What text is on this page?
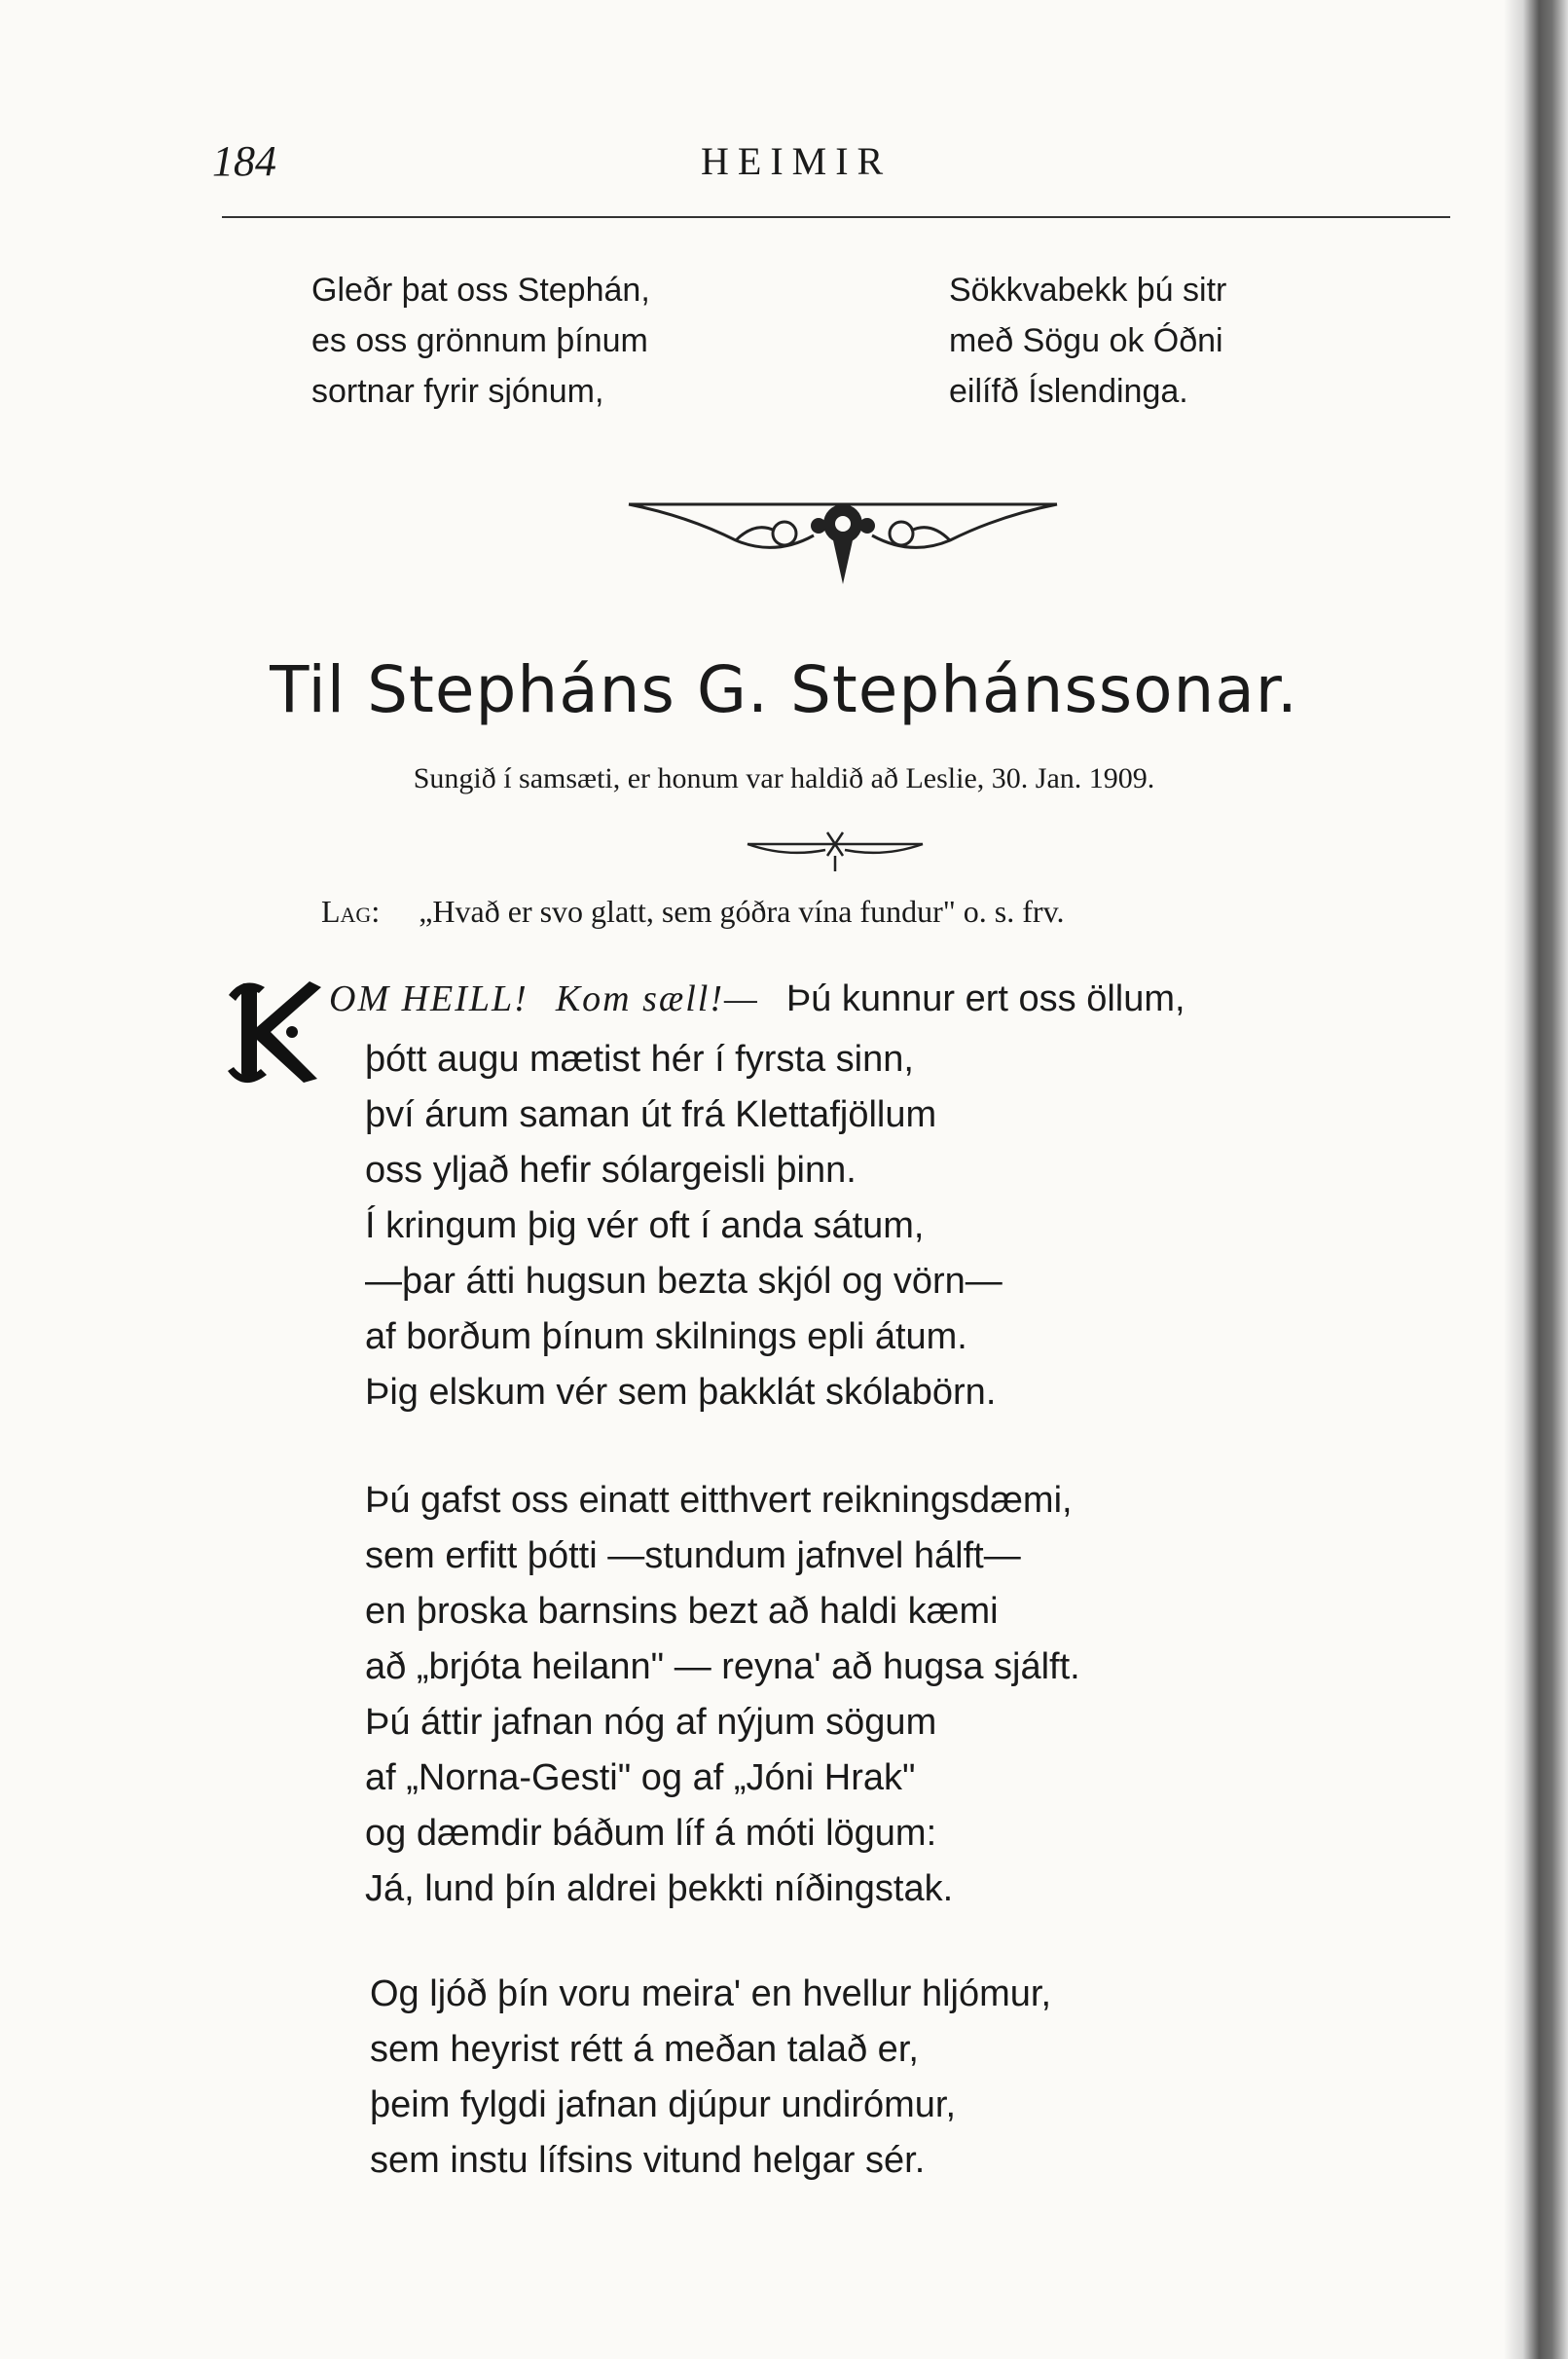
184	HEIMIR
Gleðr þat oss Stephán,
es oss grönnum þínum
sortnar fyrir sjónum,
Sökkvabekk þú sitr
með Sögu ok Óðni
eilífð Íslendinga.
Til Stepháns G. Stephánssonar.
Sungið í samsæti, er honum var haldið að Leslie, 30. Jan. 1909.
Lag: „Hvað er svo glatt, sem góðra vína fundur" o. s. frv.
OM HEILL! Kom sæll!— Þú kunnur ert oss öllum,
þótt augu mætist hér í fyrsta sinn,
því árum saman út frá Klettafjöllum
oss yljað hefir sólargeisli þinn.
Í kringum þig vér oft í anda sátum,
—þar átti hugsun bezta skjól og vörn—
af borðum þínum skilnings epli átum.
Þig elskum vér sem þakklát skólabörn.
Þú gafst oss einatt eitthvert reikningsdæmi,
sem erfitt þótti —stundum jafnvel hálft—
en þroska barnsins bezt að haldi kæmi
að „brjóta heilann" — reyna' að hugsa sjálft.
Þú áttir jafnan nóg af nýjum sögum
af „Norna-Gesti" og af „Jóni Hrak"
og dæmdir báðum líf á móti lögum:
Já, lund þín aldrei þekkti níðingstak.
Og ljóð þín voru meira' en hvellur hljómur,
sem heyrist rétt á meðan talað er,
þeim fylgdi jafnan djúpur undirómur,
sem instu lífsins vitund helgar sér.
